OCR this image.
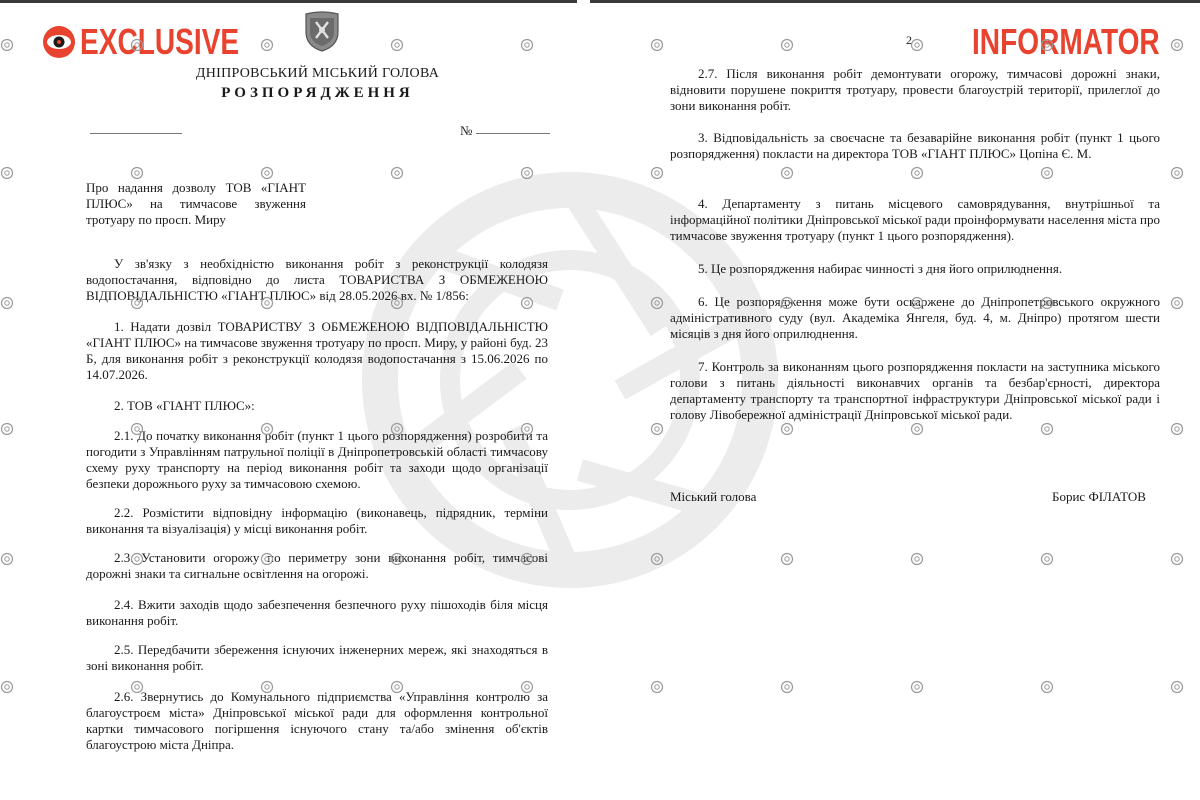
EXCLUSIVE	INFORMATOR
ДНІПРОВСЬКИЙ МІСЬКИЙ ГОЛОВА
РОЗПОРЯДЖЕННЯ
№
Про надання дозволу ТОВ «ГІАНТ ПЛЮС» на тимчасове звуження тротуару по просп. Миру
У зв'язку з необхідністю виконання робіт з реконструкції колодязя водопостачання, відповідно до листа ТОВАРИСТВА З ОБМЕЖЕНОЮ ВІДПОВІДАЛЬНІСТЮ «ГІАНТ ПЛЮС» від 28.05.2026 вх. № 1/856:
1. Надати дозвіл ТОВАРИСТВУ З ОБМЕЖЕНОЮ ВІДПОВІДАЛЬНІСТЮ «ГІАНТ ПЛЮС» на тимчасове звуження тротуару по просп. Миру, у районі буд. 23 Б, для виконання робіт з реконструкції колодязя водопостачання з 15.06.2026 по 14.07.2026.
2. ТОВ «ГІАНТ ПЛЮС»:
2.1. До початку виконання робіт (пункт 1 цього розпорядження) розробити та погодити з Управлінням патрульної поліції в Дніпропетровській області тимчасову схему руху транспорту на період виконання робіт та заходи щодо організації безпеки дорожнього руху за тимчасовою схемою.
2.2. Розмістити відповідну інформацію (виконавець, підрядник, терміни виконання та візуалізація) у місці виконання робіт.
2.3. Установити огорожу по периметру зони виконання робіт, тимчасові дорожні знаки та сигнальне освітлення на огорожі.
2.4. Вжити заходів щодо забезпечення безпечного руху пішоходів біля місця виконання робіт.
2.5. Передбачити збереження існуючих інженерних мереж, які знаходяться в зоні виконання робіт.
2.6. Звернутись до Комунального підприємства «Управління контролю за благоустроєм міста» Дніпровської міської ради для оформлення контрольної картки тимчасового погіршення існуючого стану та/або змінення об'єктів благоустрою міста Дніпра.
2
2.7. Після виконання робіт демонтувати огорожу, тимчасові дорожні знаки, відновити порушене покриття тротуару, провести благоустрій території, прилеглої до зони виконання робіт.
3. Відповідальність за своєчасне та безаварійне виконання робіт (пункт 1 цього розпорядження) покласти на директора ТОВ «ГІАНТ ПЛЮС» Цопіна Є. М.
4. Департаменту з питань місцевого самоврядування, внутрішньої та інформаційної політики Дніпровської міської ради проінформувати населення міста про тимчасове звуження тротуару (пункт 1 цього розпорядження).
5. Це розпорядження набирає чинності з дня його оприлюднення.
6. Це розпорядження може бути оскаржене до Дніпропетровського окружного адміністративного суду (вул. Академіка Янгеля, буд. 4, м. Дніпро) протягом шести місяців з дня його оприлюднення.
7. Контроль за виконанням цього розпорядження покласти на заступника міського голови з питань діяльності виконавчих органів та безбар'єрності, директора департаменту транспорту та транспортної інфраструктури Дніпровської міської ради і голову Лівобережної адміністрації Дніпровської міської ради.
Міський голова	Борис ФІЛАТОВ
